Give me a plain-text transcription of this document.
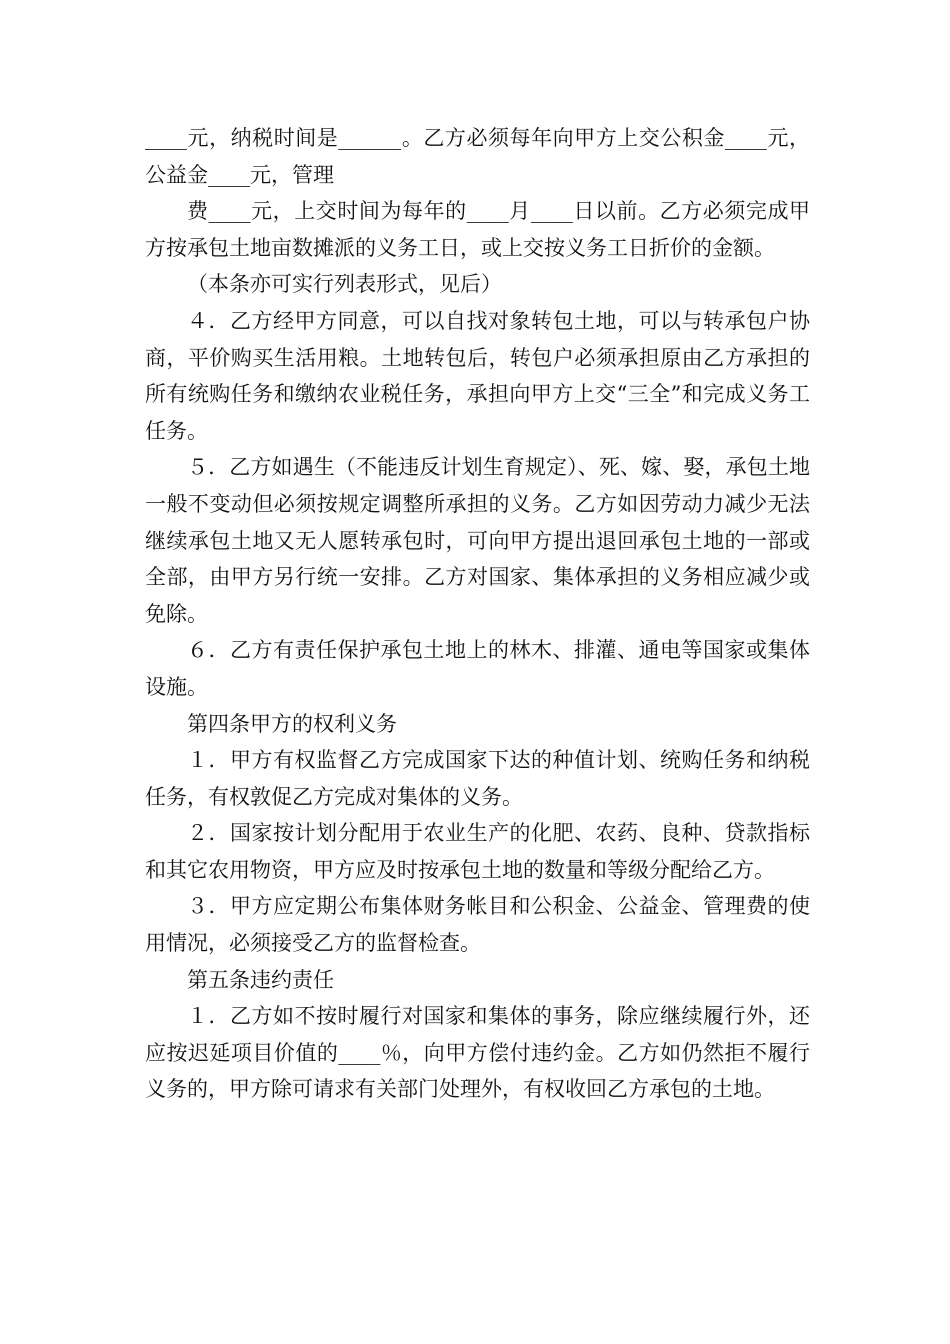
____元，纳税时间是______。乙方必须每年向甲方上交公积金____元，公益金____元，管理

费____元，上交时间为每年的____月____日以前。乙方必须完成甲方按承包土地亩数摊派的义务工日，或上交按义务工日折价的金额。

（本条亦可实行列表形式，见后）

４．乙方经甲方同意，可以自找对象转包土地，可以与转承包户协商，平价购买生活用粮。土地转包后，转包户必须承担原由乙方承担的所有统购任务和缴纳农业税任务，承担向甲方上交“三全”和完成义务工任务。

５．乙方如遇生（不能违反计划生育规定）、死、嫁、娶，承包土地一般不变动但必须按规定调整所承担的义务。乙方如因劳动力减少无法继续承包土地又无人愿转承包时，可向甲方提出退回承包土地的一部或全部，由甲方另行统一安排。乙方对国家、集体承担的义务相应减少或免除。

６．乙方有责任保护承包土地上的林木、排灌、通电等国家或集体设施。

第四条甲方的权利义务

１．甲方有权监督乙方完成国家下达的种值计划、统购任务和纳税任务，有权敦促乙方完成对集体的义务。

２．国家按计划分配用于农业生产的化肥、农药、良种、贷款指标和其它农用物资，甲方应及时按承包土地的数量和等级分配给乙方。

３．甲方应定期公布集体财务帐目和公积金、公益金、管理费的使用情况，必须接受乙方的监督检查。

第五条违约责任

１．乙方如不按时履行对国家和集体的事务，除应继续履行外，还应按迟延项目价值的____％，向甲方偿付违约金。乙方如仍然拒不履行义务的，甲方除可请求有关部门处理外，有权收回乙方承包的土地。
